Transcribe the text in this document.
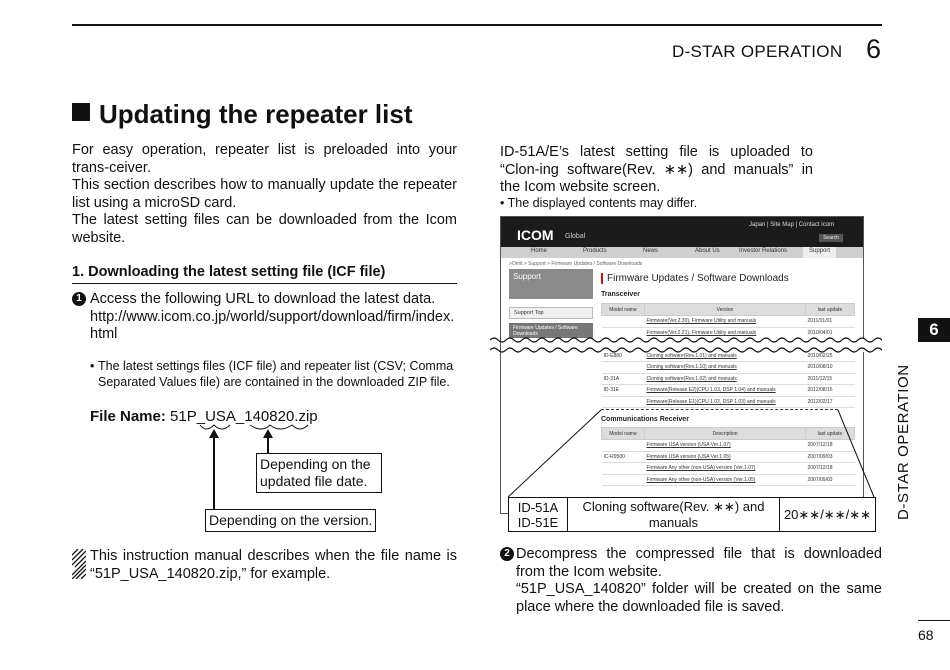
D-STAR OPERATION 6
Updating the repeater list
For easy operation, repeater list is preloaded into your trans-ceiver.
This section describes how to manually update the repeater list using a microSD card.
The latest setting files can be downloaded from the Icom website.
1. Downloading the latest setting file (ICF file)
1 Access the following URL to download the latest data.
http://www.icom.co.jp/world/support/download/firm/index.html
• The latest settings files (ICF file) and repeater list (CSV; Comma Separated Values file) are contained in the downloaded ZIP file.
File Name: 51P_USA_140820.zip
Depending on the updated file date.
Depending on the version.
This instruction manual describes when the file name is “51P_USA_140820.zip,” for example.
ID-51A/E’s latest setting file is uploaded to “Clon-ing software(Rev. ∗∗) and manuals” in the Icom website screen.
• The displayed contents may differ.
ICOM Global
Japan | Site Map | Contact Icom
Search
Home	Products	News	About Us	Investor Relations	Support
>Omit > Support > Firmware Updates / Software Downloads
Support
Support Top
Firmware Updates / Software Downloads
Firmware Updates / Software Downloads
Transceiver
Model name	Version	last update
	Firmware(Ver.2.30), Firmware Utility and manuals	2011/01/01
	Firmware(Ver.2.21), Firmware Utility and manuals	2010/04/01

ID-E880	Cloning software(Rev.1.01) and manuals	2010/02/25
	Cloning software(Rev.1.10) and manuals	2010/08/10
ID-31A	Cloning software(Rev.1.02) and manuals	2011/12/15
ID-31E	Firmware(Release E2)(CPU 1.03, DSP 1.04) and manuals	2012/08/15
	Firmware(Release E1)(CPU 1.02, DSP 1.03) and manuals	2012/02/17
Communications Receiver
Model name	Description	last update
	Firmware USA version (USA Ver.1.07)	2007/12/18
IC-R9500	Firmware USA version (USA Ver.1.05)	2007/09/03
	Firmware Any other (non-USA) version (Ver.1.07)	2007/12/18
	Firmware Any other (non-USA) version (Ver.1.05)	2007/09/03
ID-51A
ID-51E
	Cloning software(Rev. ∗∗) and manuals	20∗∗/∗∗/∗∗
2 Decompress the compressed file that is downloaded from the Icom website.
“51P_USA_140820” folder will be created on the same place where the downloaded file is saved.
6
D-STAR OPERATION
68
